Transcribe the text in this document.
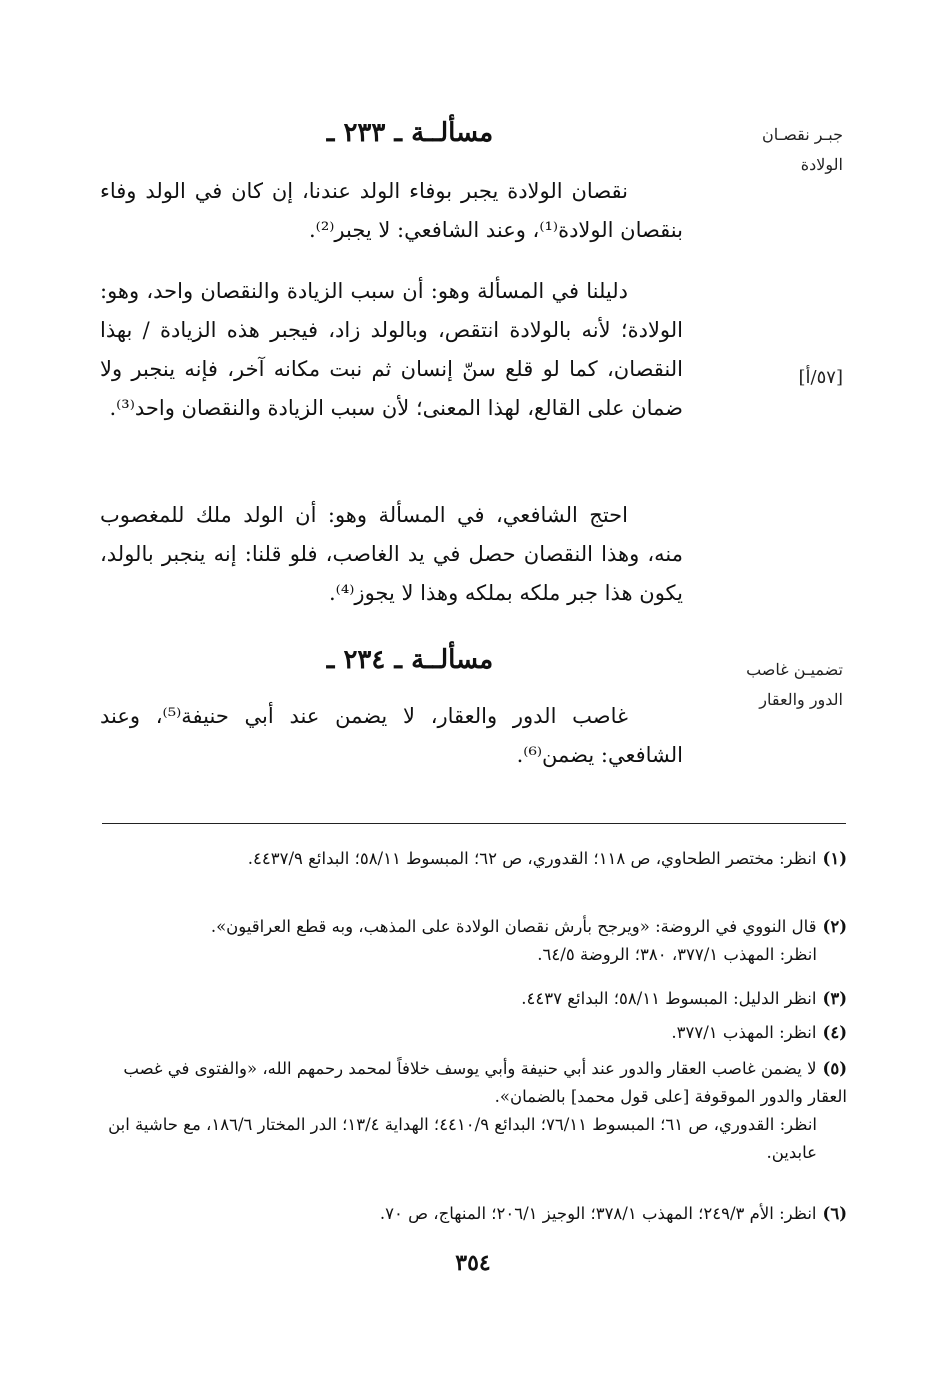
مسألــة ـ ٢٣٣ ـ	جبـر نقصـان
الولادة
نقصان الولادة يجبر بوفاء الولد عندنا، إن كان في الولد وفاء بنقصان الولادة⁽¹⁾، وعند الشافعي: لا يجبر⁽²⁾.
دليلنا في المسألة وهو: أن سبب الزيادة والنقصان واحد، وهو: الولادة؛ لأنه بالولادة انتقص، وبالولد زاد، فيجبر هذه الزيادة / بهذا النقصان، كما لو قلع سنّ إنسان ثم نبت مكانه آخر، فإنه ينجبر ولا ضمان على القالع، لهذا المعنى؛ لأن سبب الزيادة والنقصان واحد⁽³⁾.
[٥٧/أ]
احتج الشافعي، في المسألة وهو: أن الولد ملك للمغصوب منه، وهذا النقصان حصل في يد الغاصب، فلو قلنا: إنه ينجبر بالولد، يكون هذا جبر ملكه بملكه وهذا لا يجوز⁽⁴⁾.
مسألــة ـ ٢٣٤ ـ	تضميـن غاصب
الدور والعقار
غاصب الدور والعقار، لا يضمن عند أبي حنيفة⁽⁵⁾، وعند الشافعي: يضمن⁽⁶⁾.
(١)انظر: مختصر الطحاوي، ص ١١٨؛ القدوري، ص ٦٢؛ المبسوط ٥٨/١١؛ البدائع ٤٤٣٧/٩.
(٢)قال النووي في الروضة: «ويرجح بأرش نقصان الولادة على المذهب، وبه قطع العراقيون».
انظر: المهذب ٣٧٧/١، ٣٨٠؛ الروضة ٦٤/٥.
(٣)انظر الدليل: المبسوط ٥٨/١١؛ البدائع ٤٤٣٧.
(٤)انظر: المهذب ٣٧٧/١.
(٥)لا يضمن غاصب العقار والدور عند أبي حنيفة وأبي يوسف خلافاً لمحمد رحمهم الله، «والفتوى في غصب العقار والدور الموقوفة [على قول محمد] بالضمان».
انظر: القدوري، ص ٦١؛ المبسوط ٧٦/١١؛ البدائع ٤٤١٠/٩؛ الهداية ١٣/٤؛ الدر المختار ١٨٦/٦، مع حاشية ابن عابدين.
(٦)انظر: الأم ٢٤٩/٣؛ المهذب ٣٧٨/١؛ الوجيز ٢٠٦/١؛ المنهاج، ص ٧٠.
٣٥٤
